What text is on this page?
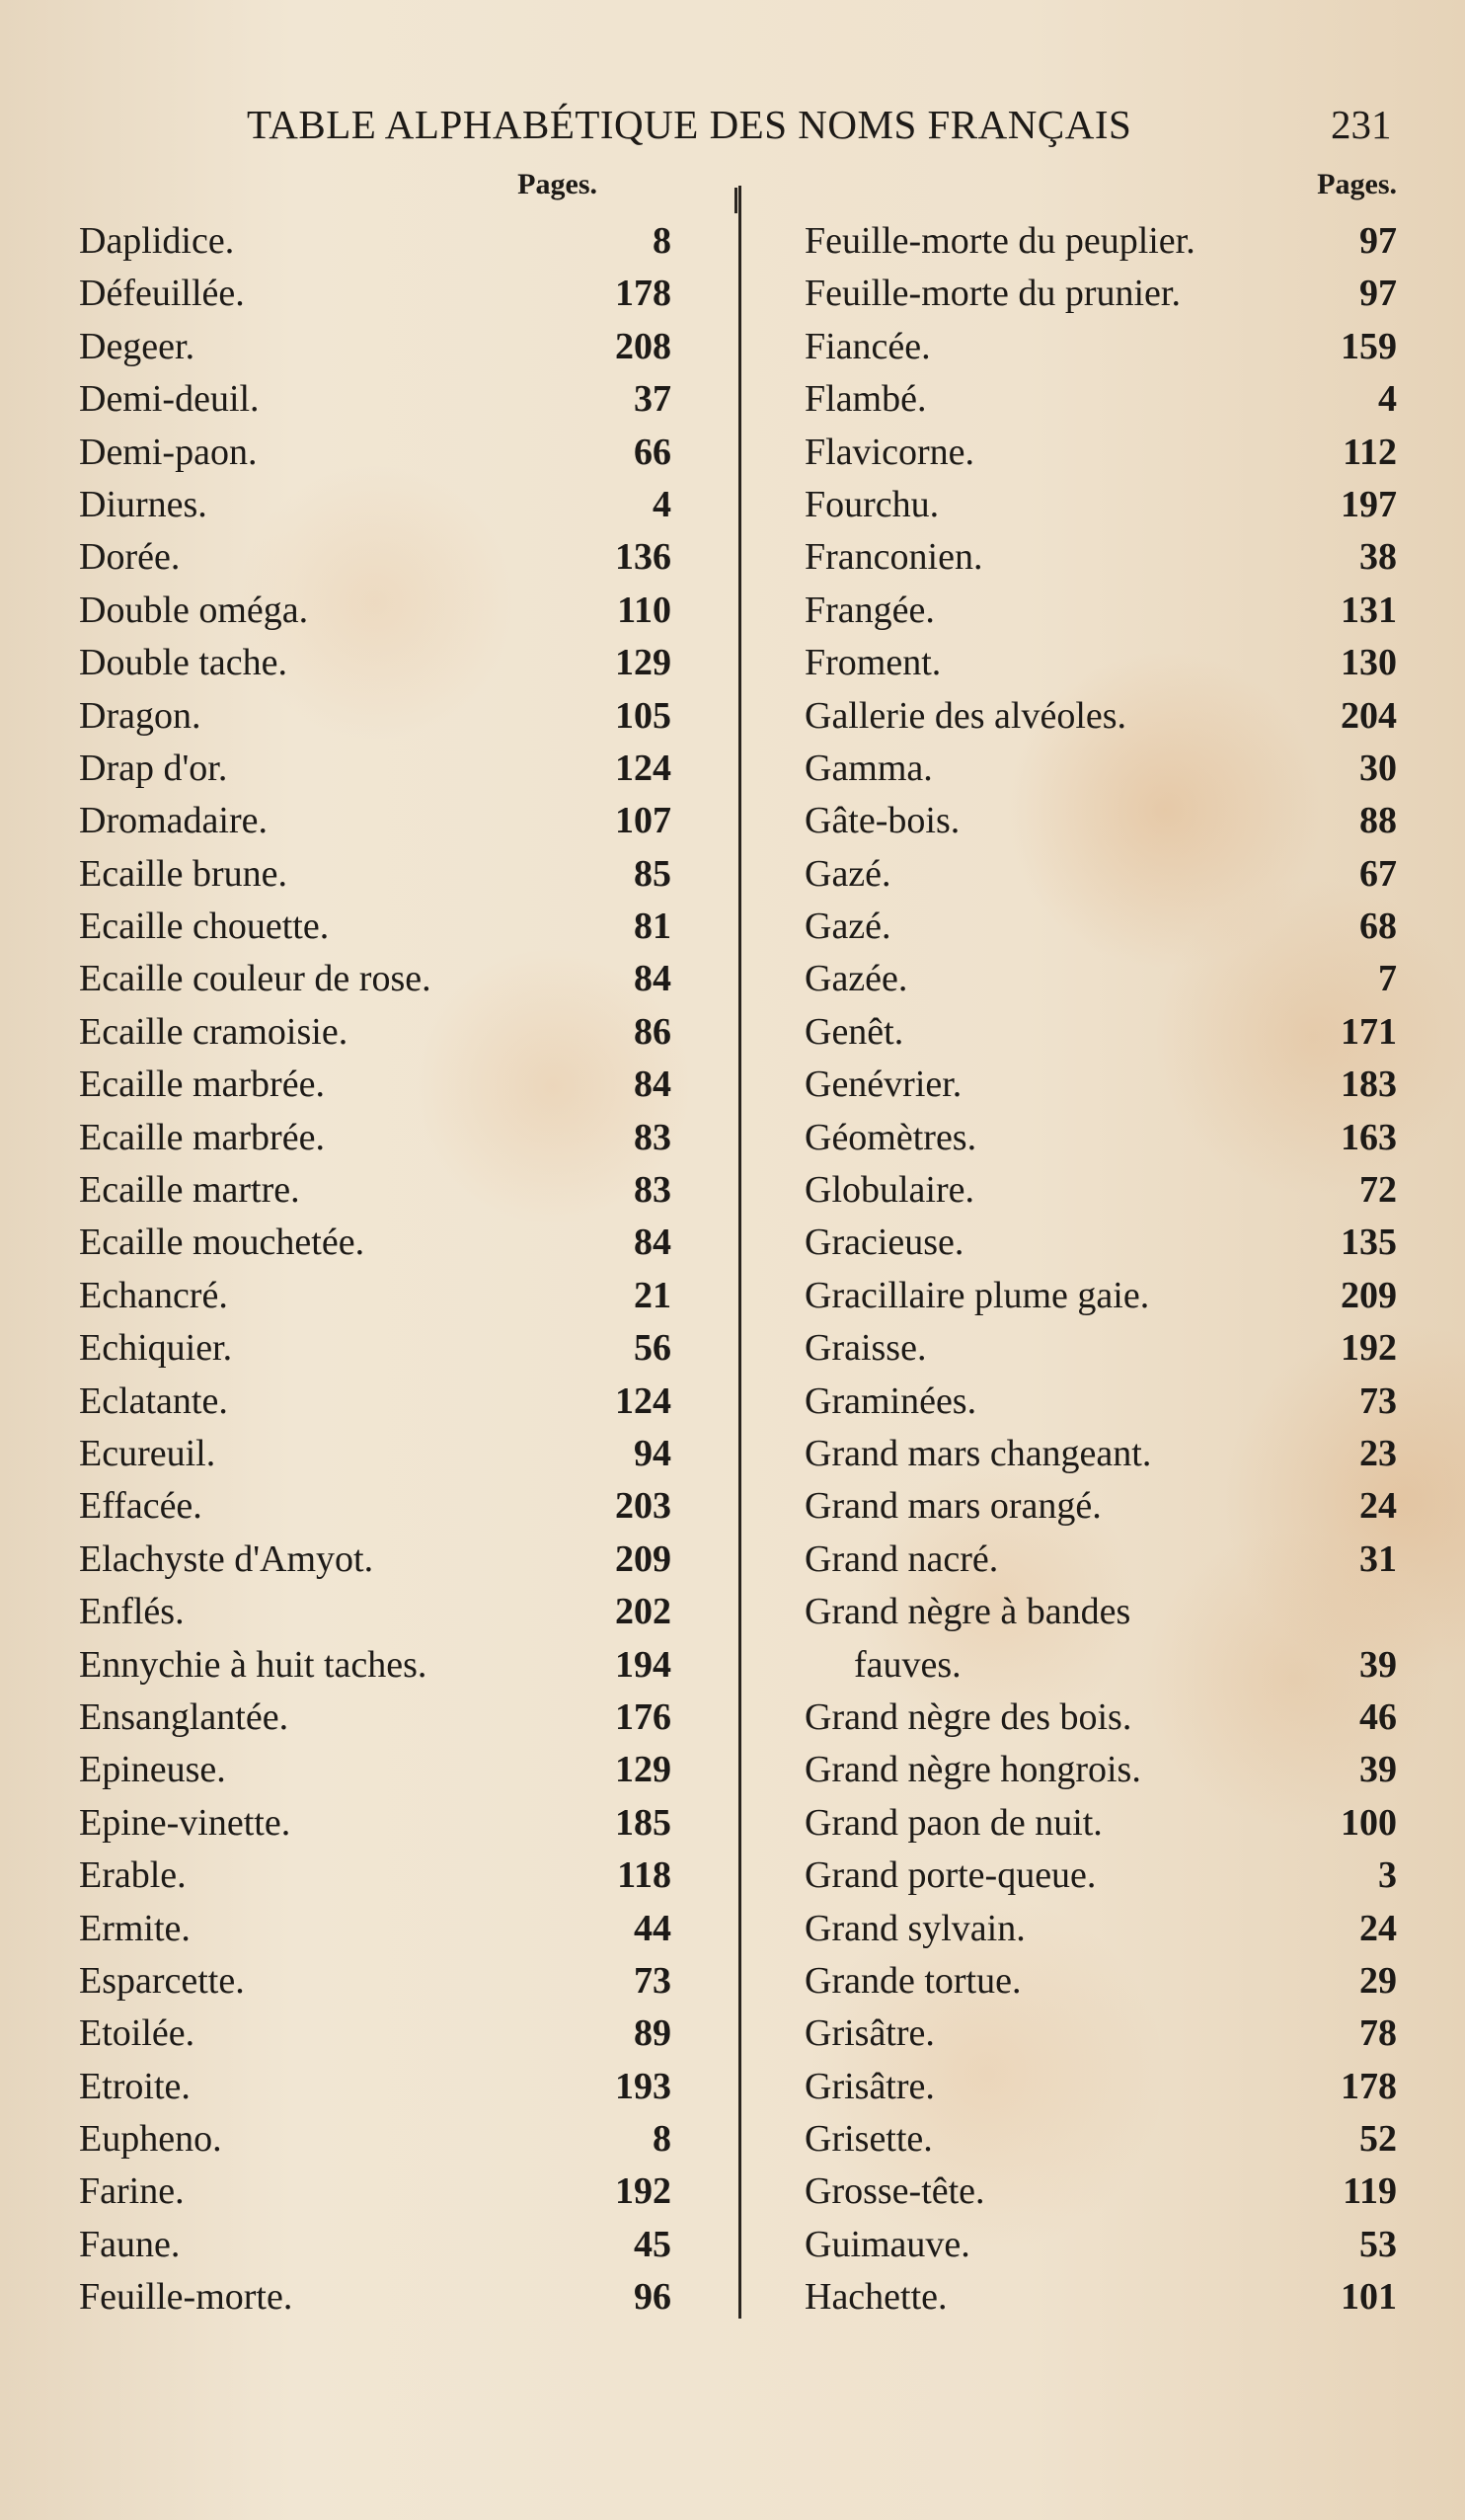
TABLE ALPHABÉTIQUE DES NOMS FRANÇAIS	231
Pages.
Daplidice.	8
Défeuillée.	178
Degeer.	208
Demi-deuil.	37
Demi-paon.	66
Diurnes.	4
Dorée.	136
Double oméga.	110
Double tache.	129
Dragon.	105
Drap d'or.	124
Dromadaire.	107
Ecaille brune.	85
Ecaille chouette.	81
Ecaille couleur de rose.	84
Ecaille cramoisie.	86
Ecaille marbrée.	84
Ecaille marbrée.	83
Ecaille martre.	83
Ecaille mouchetée.	84
Echancré.	21
Echiquier.	56
Eclatante.	124
Ecureuil.	94
Effacée.	203
Elachyste d'Amyot.	209
Enflés.	202
Ennychie à huit taches.	194
Ensanglantée.	176
Epineuse.	129
Epine-vinette.	185
Erable.	118
Ermite.	44
Esparcette.	73
Etoilée.	89
Etroite.	193
Eupheno.	8
Farine.	192
Faune.	45
Feuille-morte.	96
Pages.
Feuille-morte du peuplier.	97
Feuille-morte du prunier.	97
Fiancée.	159
Flambé.	4
Flavicorne.	112
Fourchu.	197
Franconien.	38
Frangée.	131
Froment.	130
Gallerie des alvéoles.	204
Gamma.	30
Gâte-bois.	88
Gazé.	67
Gazé.	68
Gazée.	7
Genêt.	171
Genévrier.	183
Géomètres.	163
Globulaire.	72
Gracieuse.	135
Gracillaire plume gaie.	209
Graisse.	192
Graminées.	73
Grand mars changeant.	23
Grand mars orangé.	24
Grand nacré.	31
Grand nègre à bandes
fauves.	39
Grand nègre des bois.	46
Grand nègre hongrois.	39
Grand paon de nuit.	100
Grand porte-queue.	3
Grand sylvain.	24
Grande tortue.	29
Grisâtre.	78
Grisâtre.	178
Grisette.	52
Grosse-tête.	119
Guimauve.	53
Hachette.	101
